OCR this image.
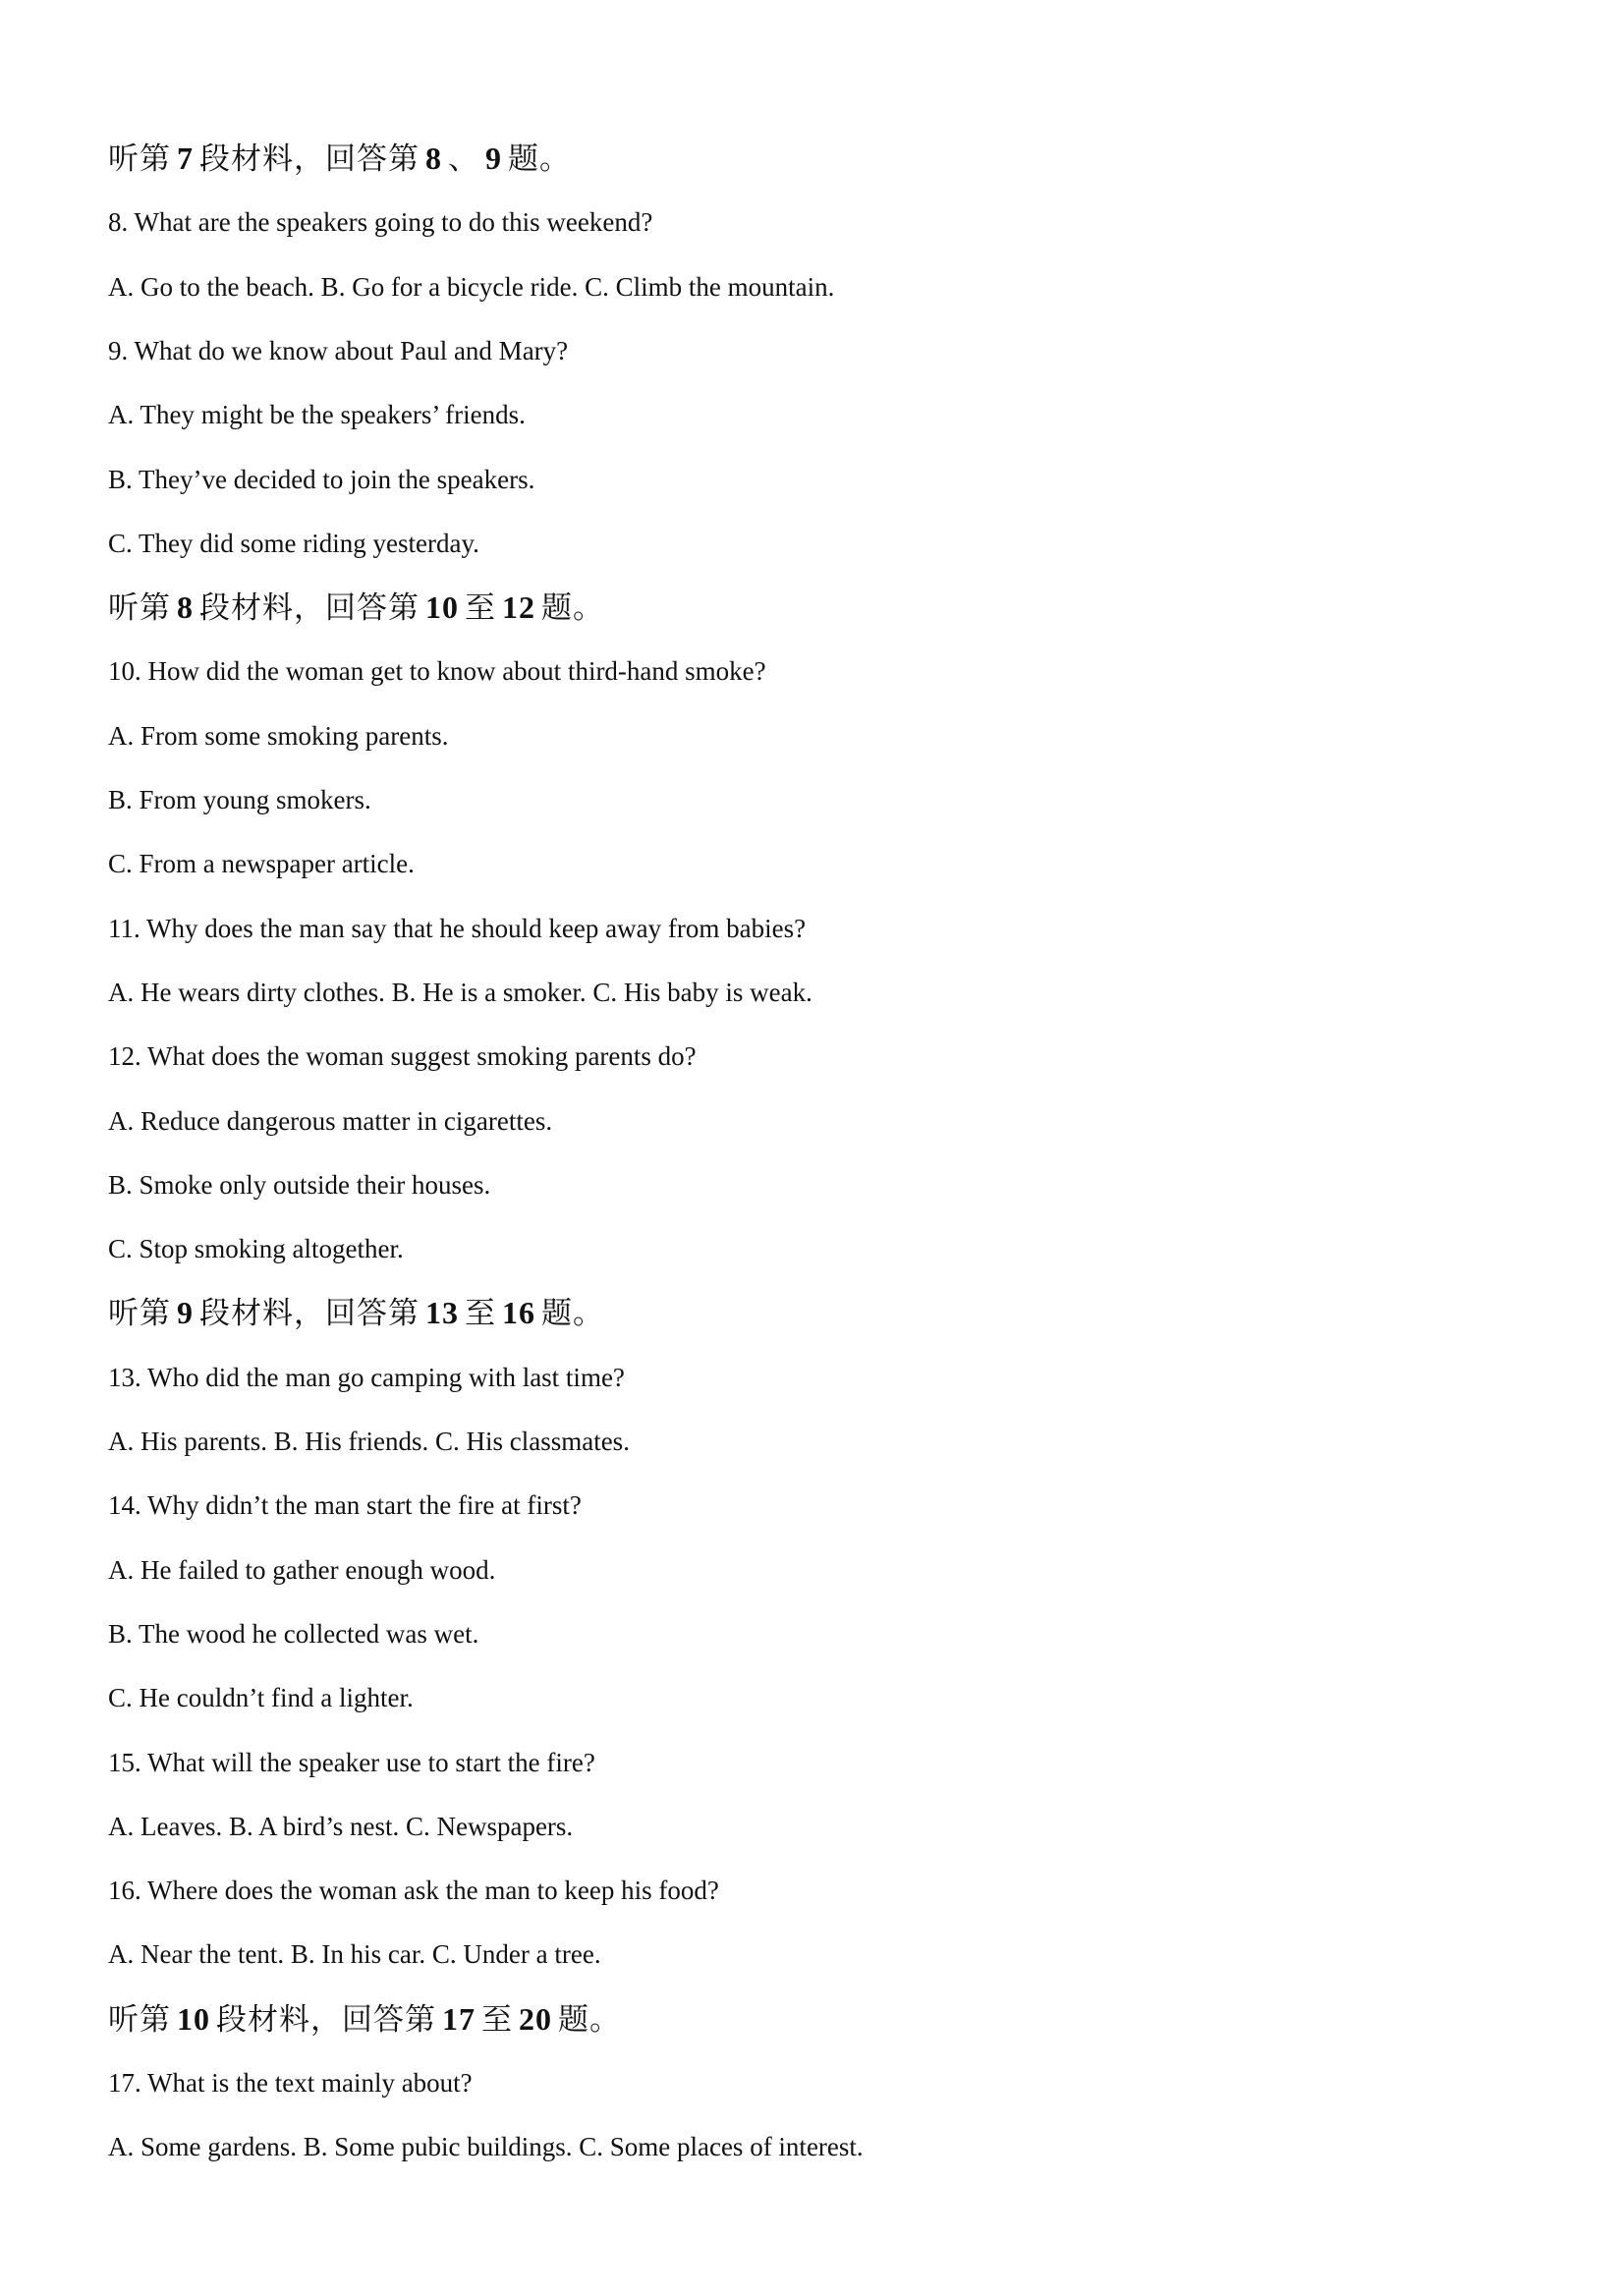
听第 7 段材料，回答第 8 、 9 题。
8. What are the speakers going to do this weekend?
A. Go to the beach. B. Go for a bicycle ride. C. Climb the mountain.
9. What do we know about Paul and Mary?
A. They might be the speakers’ friends.
B. They’ve decided to join the speakers.
C. They did some riding yesterday.
听第 8 段材料，回答第 10 至 12 题。
10. How did the woman get to know about third-hand smoke?
A. From some smoking parents.
B. From young smokers.
C. From a newspaper article.
11. Why does the man say that he should keep away from babies?
A. He wears dirty clothes. B. He is a smoker. C. His baby is weak.
12. What does the woman suggest smoking parents do?
A. Reduce dangerous matter in cigarettes.
B. Smoke only outside their houses.
C. Stop smoking altogether.
听第 9 段材料，回答第 13 至 16 题。
13. Who did the man go camping with last time?
A. His parents. B. His friends. C. His classmates.
14. Why didn’t the man start the fire at first?
A. He failed to gather enough wood.
B. The wood he collected was wet.
C. He couldn’t find a lighter.
15. What will the speaker use to start the fire?
A. Leaves. B. A bird’s nest. C. Newspapers.
16. Where does the woman ask the man to keep his food?
A. Near the tent. B. In his car. C. Under a tree.
听第 10 段材料，回答第 17 至 20 题。
17. What is the text mainly about?
A. Some gardens. B. Some pubic buildings. C. Some places of interest.
